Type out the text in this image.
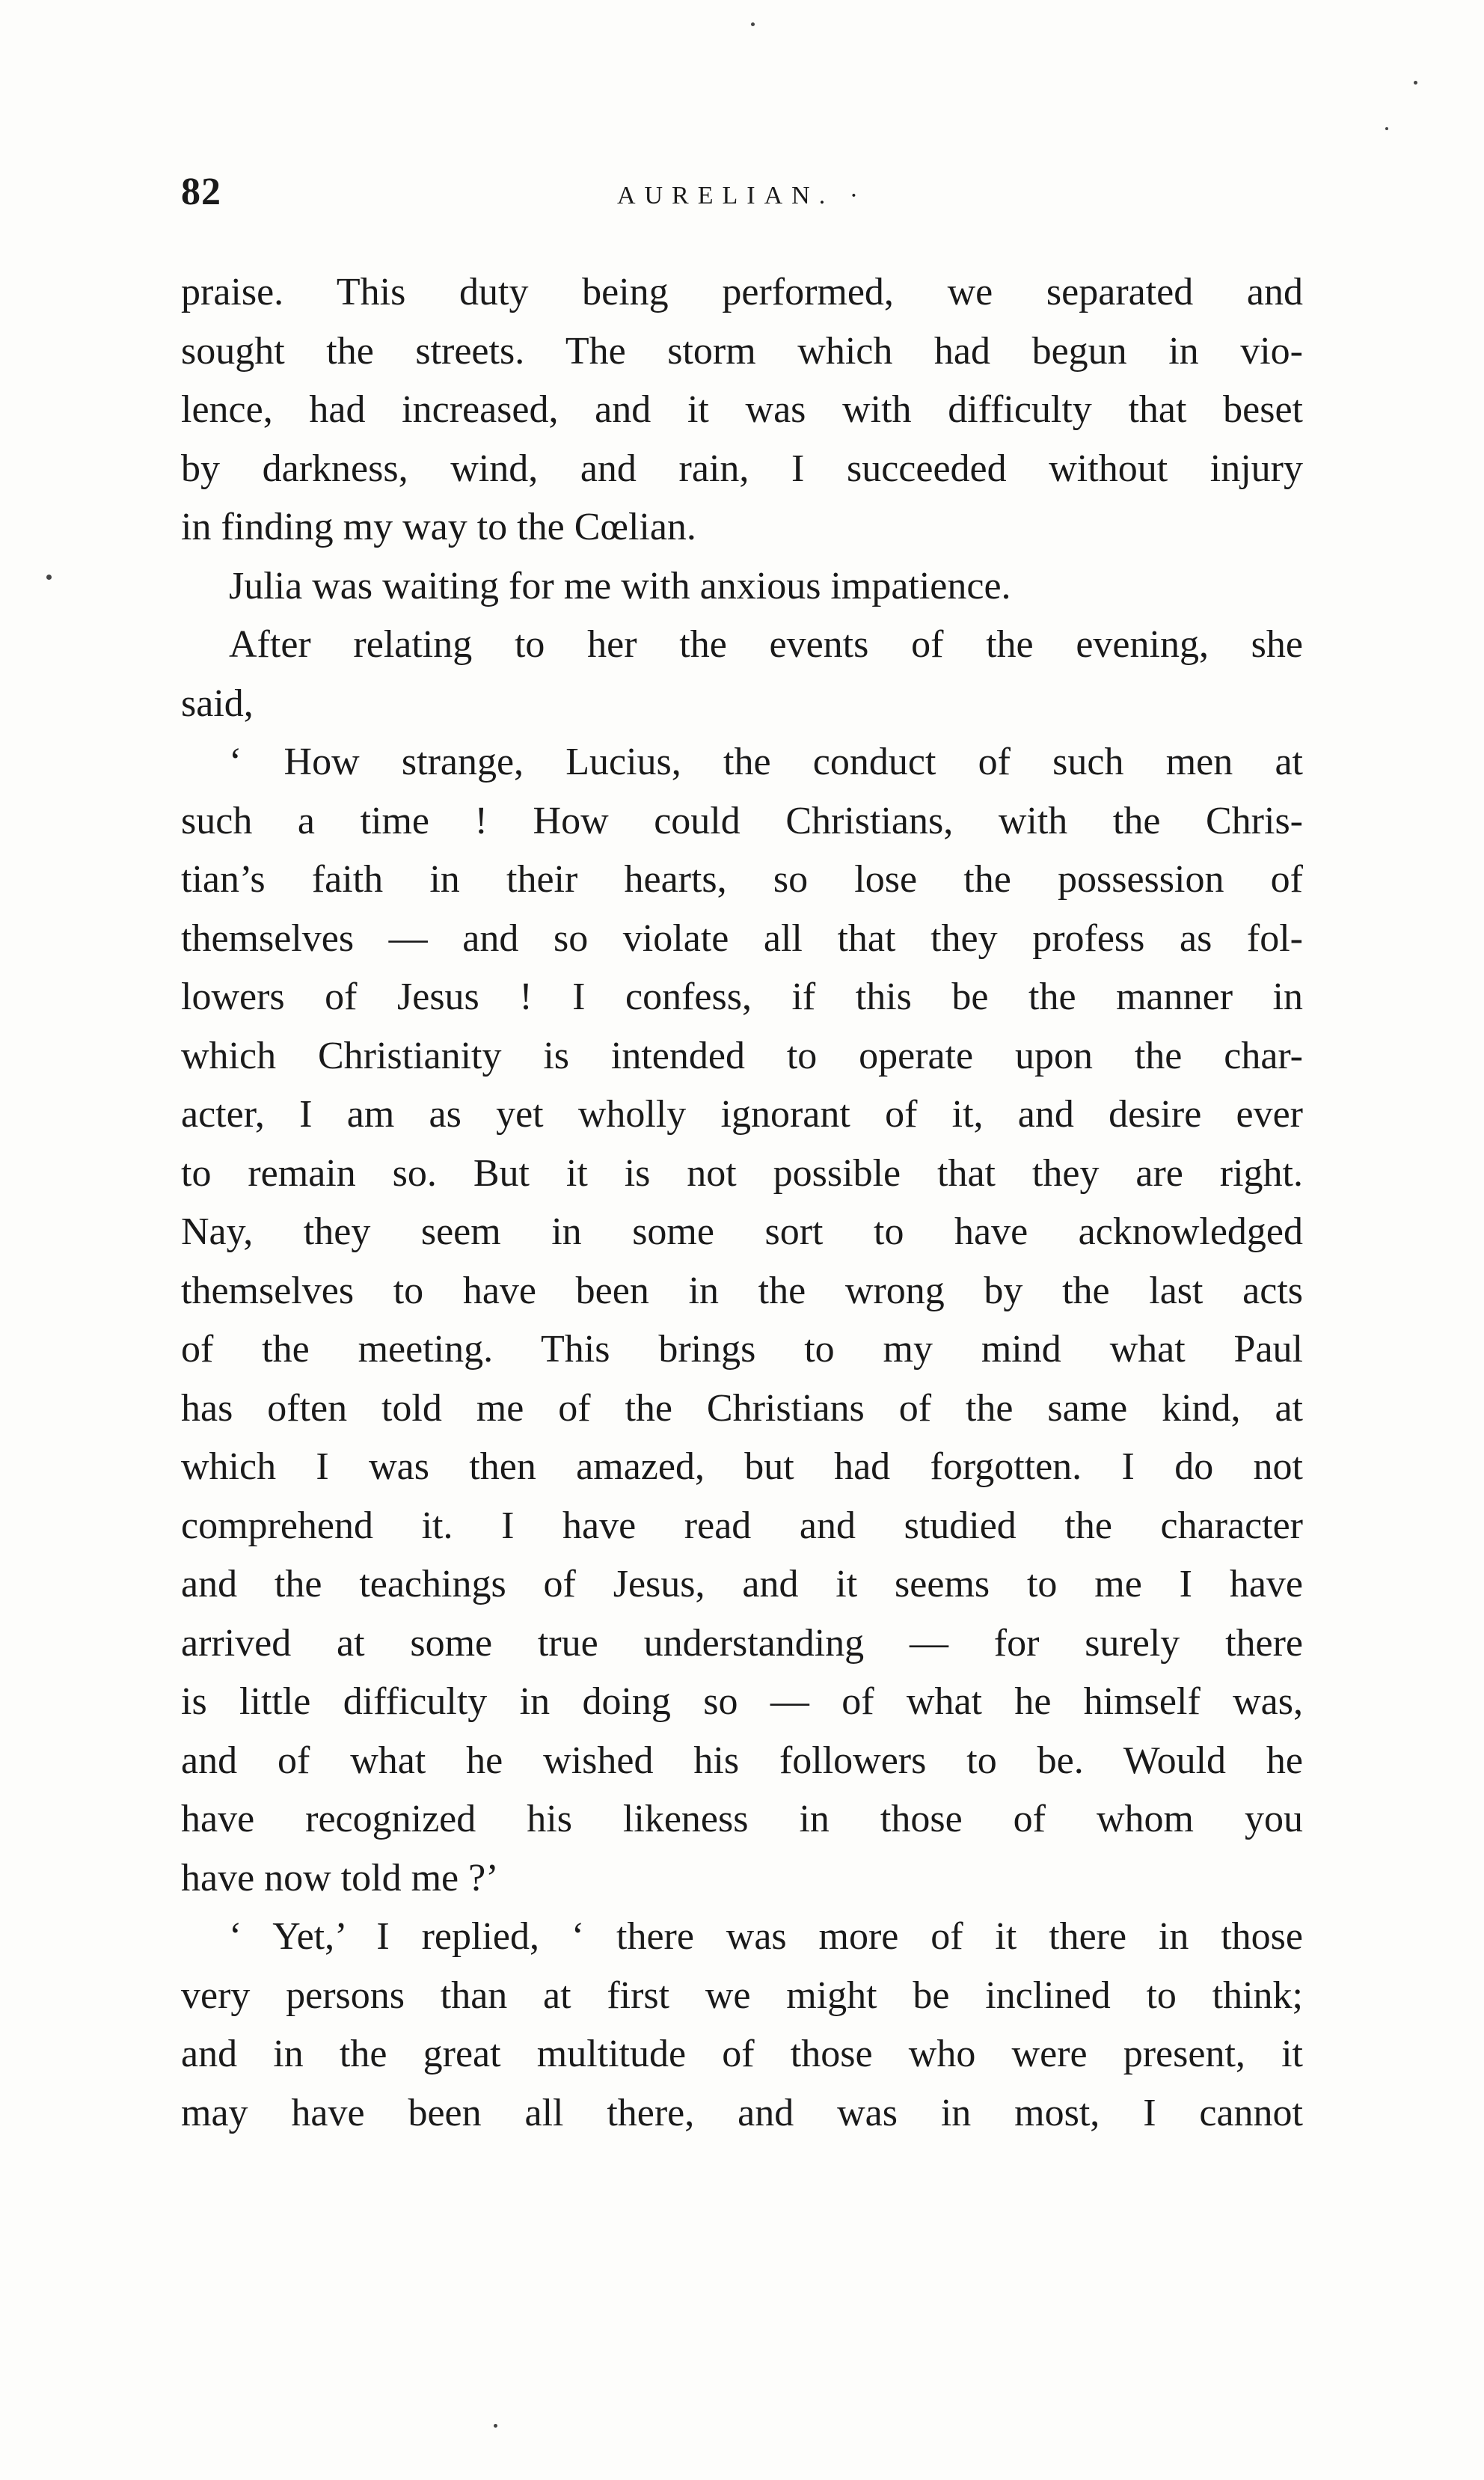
82	AURELIAN. ·
praise. This duty being performed, we separated and
sought the streets. The storm which had begun in vio-
lence, had increased, and it was with difficulty that beset
by darkness, wind, and rain, I succeeded without injury
in finding my way to the Cœlian.
Julia was waiting for me with anxious impatience.
After relating to her the events of the evening, she
said,
‘ How strange, Lucius, the conduct of such men at
such a time ! How could Christians, with the Chris-
tian’s faith in their hearts, so lose the possession of
themselves — and so violate all that they profess as fol-
lowers of Jesus ! I confess, if this be the manner in
which Christianity is intended to operate upon the char-
acter, I am as yet wholly ignorant of it, and desire ever
to remain so. But it is not possible that they are right.
Nay, they seem in some sort to have acknowledged
themselves to have been in the wrong by the last acts
of the meeting. This brings to my mind what Paul
has often told me of the Christians of the same kind, at
which I was then amazed, but had forgotten. I do not
comprehend it. I have read and studied the character
and the teachings of Jesus, and it seems to me I have
arrived at some true understanding — for surely there
is little difficulty in doing so — of what he himself was,
and of what he wished his followers to be. Would he
have recognized his likeness in those of whom you
have now told me ?’
‘ Yet,’ I replied, ‘ there was more of it there in those
very persons than at first we might be inclined to think;
and in the great multitude of those who were present, it
may have been all there, and was in most, I cannot
